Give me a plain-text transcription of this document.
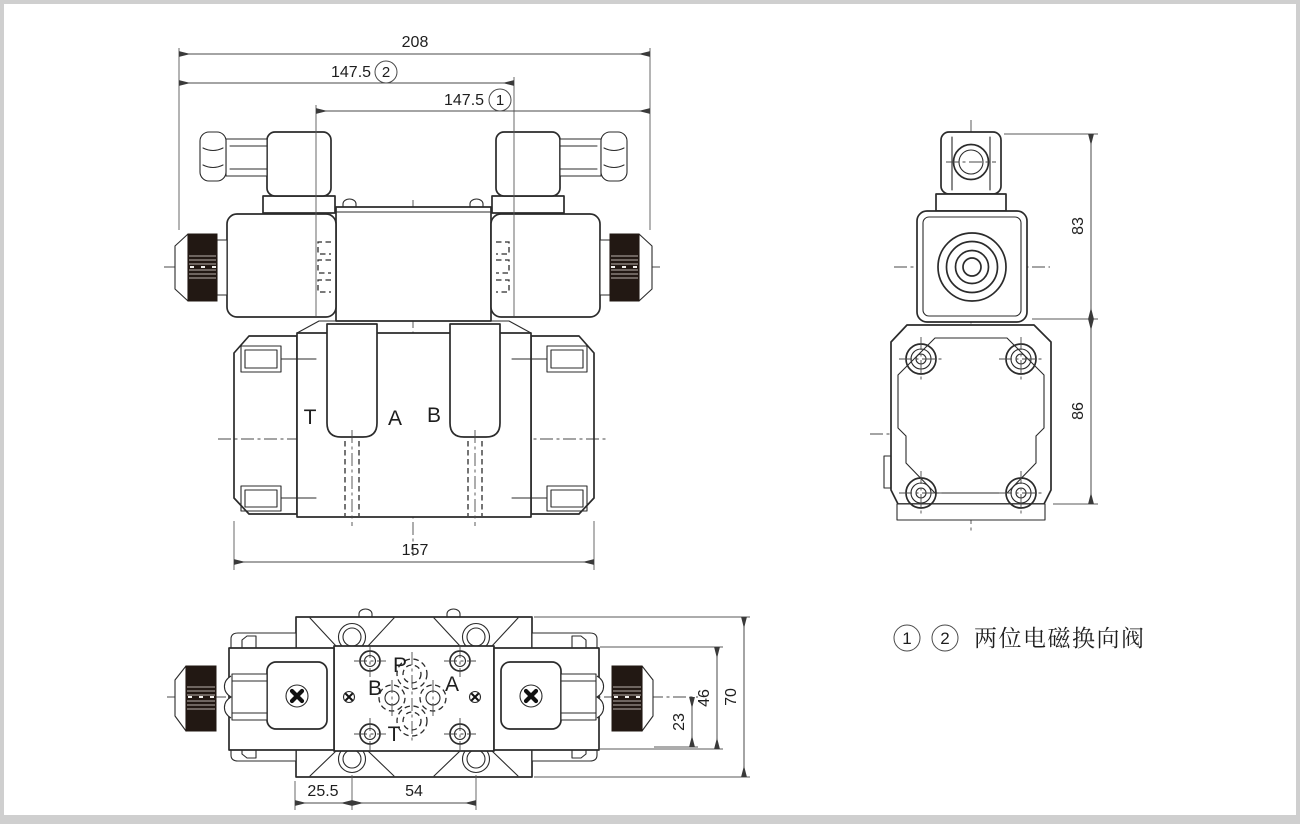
T	A B
208
147.5 2
147.5 1
157
83
86
P
B	A
T
25.5	54
23
46 70
1 2 两位电磁换向阀
